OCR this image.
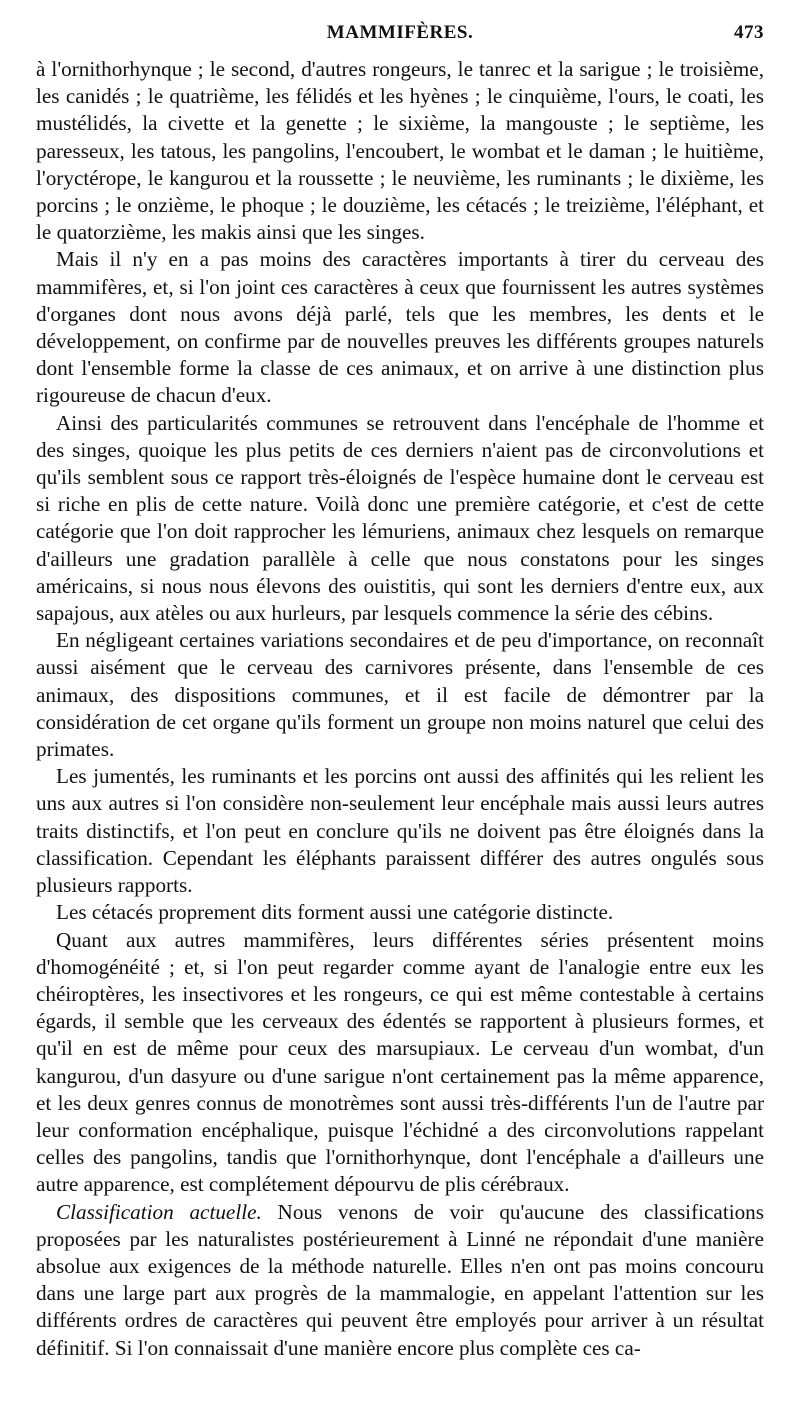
MAMMIFÈRES.	473

à l'ornithorhynque ; le second, d'autres rongeurs, le tanrec et la sarigue ; le troisième, les canidés ; le quatrième, les félidés et les hyènes ; le cinquième, l'ours, le coati, les mustélidés, la civette et la genette ; le sixième, la mangouste ; le septième, les paresseux, les tatous, les pangolins, l'encoubert, le wombat et le daman ; le huitième, l'oryctérope, le kangurou et la roussette ; le neuvième, les ruminants ; le dixième, les porcins ; le onzième, le phoque ; le douzième, les cétacés ; le treizième, l'éléphant, et le quatorzième, les makis ainsi que les singes.

Mais il n'y en a pas moins des caractères importants à tirer du cerveau des mammifères, et, si l'on joint ces caractères à ceux que fournissent les autres systèmes d'organes dont nous avons déjà parlé, tels que les membres, les dents et le développement, on confirme par de nouvelles preuves les différents groupes naturels dont l'ensemble forme la classe de ces animaux, et on arrive à une distinction plus rigoureuse de chacun d'eux.

Ainsi des particularités communes se retrouvent dans l'encéphale de l'homme et des singes, quoique les plus petits de ces derniers n'aient pas de circonvolutions et qu'ils semblent sous ce rapport très-éloignés de l'espèce humaine dont le cerveau est si riche en plis de cette nature. Voilà donc une première catégorie, et c'est de cette catégorie que l'on doit rapprocher les lémuriens, animaux chez lesquels on remarque d'ailleurs une gradation parallèle à celle que nous constatons pour les singes américains, si nous nous élevons des ouistitis, qui sont les derniers d'entre eux, aux sapajous, aux atèles ou aux hurleurs, par lesquels commence la série des cébins.

En négligeant certaines variations secondaires et de peu d'importance, on reconnaît aussi aisément que le cerveau des carnivores présente, dans l'ensemble de ces animaux, des dispositions communes, et il est facile de démontrer par la considération de cet organe qu'ils forment un groupe non moins naturel que celui des primates.

Les jumentés, les ruminants et les porcins ont aussi des affinités qui les relient les uns aux autres si l'on considère non-seulement leur encéphale mais aussi leurs autres traits distinctifs, et l'on peut en conclure qu'ils ne doivent pas être éloignés dans la classification. Cependant les éléphants paraissent différer des autres ongulés sous plusieurs rapports.

Les cétacés proprement dits forment aussi une catégorie distincte.

Quant aux autres mammifères, leurs différentes séries présentent moins d'homogénéité ; et, si l'on peut regarder comme ayant de l'analogie entre eux les chéiroptères, les insectivores et les rongeurs, ce qui est même contestable à certains égards, il semble que les cerveaux des édentés se rapportent à plusieurs formes, et qu'il en est de même pour ceux des marsupiaux. Le cerveau d'un wombat, d'un kangurou, d'un dasyure ou d'une sarigue n'ont certainement pas la même apparence, et les deux genres connus de monotrèmes sont aussi très-différents l'un de l'autre par leur conformation encéphalique, puisque l'échidné a des circonvolutions rappelant celles des pangolins, tandis que l'ornithorhynque, dont l'encéphale a d'ailleurs une autre apparence, est complétement dépourvu de plis cérébraux.

Classification actuelle. Nous venons de voir qu'aucune des classifications proposées par les naturalistes postérieurement à Linné ne répondait d'une manière absolue aux exigences de la méthode naturelle. Elles n'en ont pas moins concouru dans une large part aux progrès de la mammalogie, en appelant l'attention sur les différents ordres de caractères qui peuvent être employés pour arriver à un résultat définitif. Si l'on connaissait d'une manière encore plus complète ces ca-
